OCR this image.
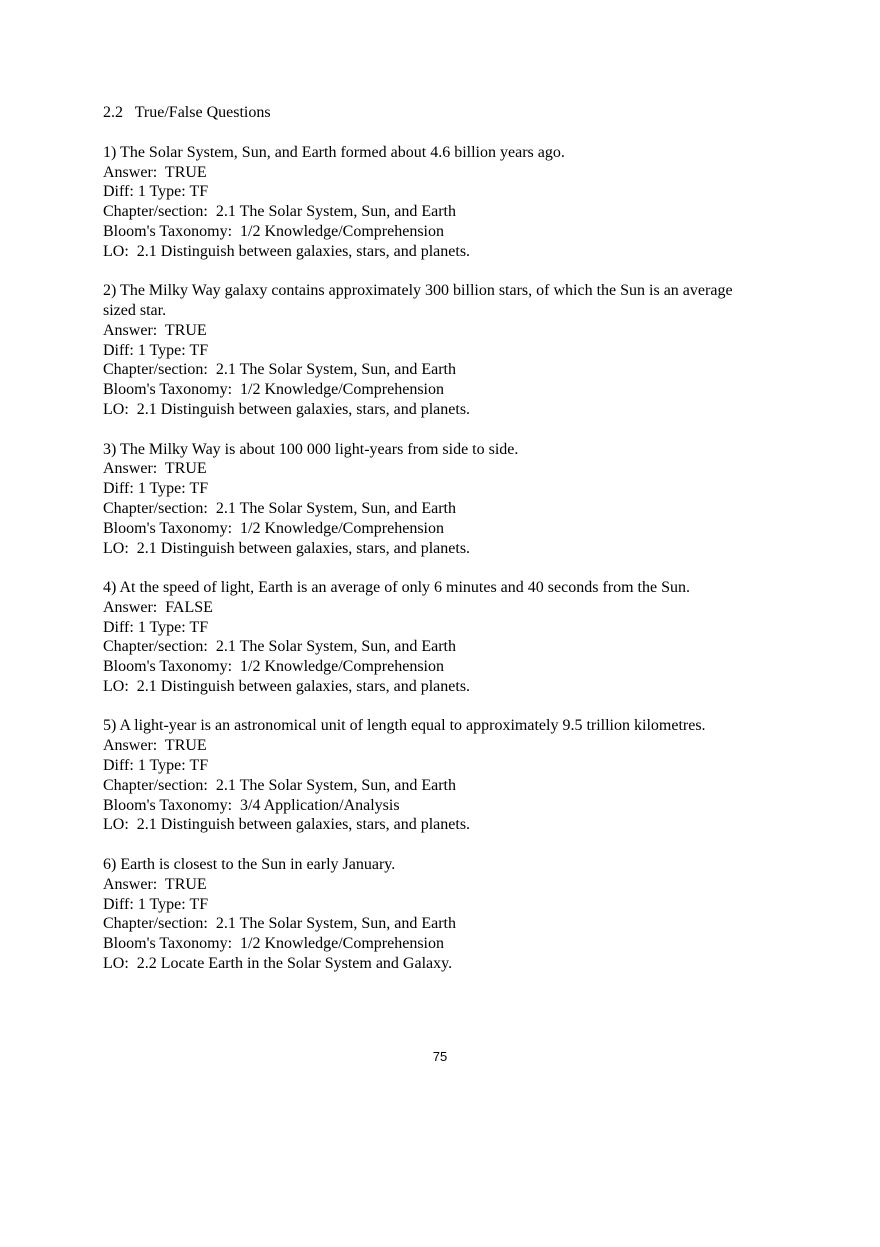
2.2   True/False Questions

1) The Solar System, Sun, and Earth formed about 4.6 billion years ago.

Answer:  TRUE

Diff: 1 Type: TF

Chapter/section:  2.1 The Solar System, Sun, and Earth

Bloom's Taxonomy:  1/2 Knowledge/Comprehension

LO:  2.1 Distinguish between galaxies, stars, and planets.

2) The Milky Way galaxy contains approximately 300 billion stars, of which the Sun is an average sized star.

Answer:  TRUE

Diff: 1 Type: TF

Chapter/section:  2.1 The Solar System, Sun, and Earth

Bloom's Taxonomy:  1/2 Knowledge/Comprehension

LO:  2.1 Distinguish between galaxies, stars, and planets.

3) The Milky Way is about 100 000 light-years from side to side.

Answer:  TRUE

Diff: 1 Type: TF

Chapter/section:  2.1 The Solar System, Sun, and Earth

Bloom's Taxonomy:  1/2 Knowledge/Comprehension

LO:  2.1 Distinguish between galaxies, stars, and planets.

4) At the speed of light, Earth is an average of only 6 minutes and 40 seconds from the Sun.

Answer:  FALSE

Diff: 1 Type: TF

Chapter/section:  2.1 The Solar System, Sun, and Earth

Bloom's Taxonomy:  1/2 Knowledge/Comprehension

LO:  2.1 Distinguish between galaxies, stars, and planets.

5) A light-year is an astronomical unit of length equal to approximately 9.5 trillion kilometres.

Answer:  TRUE

Diff: 1 Type: TF

Chapter/section:  2.1 The Solar System, Sun, and Earth

Bloom's Taxonomy:  3/4 Application/Analysis

LO:  2.1 Distinguish between galaxies, stars, and planets.

6) Earth is closest to the Sun in early January.

Answer:  TRUE

Diff: 1 Type: TF

Chapter/section:  2.1 The Solar System, Sun, and Earth

Bloom's Taxonomy:  1/2 Knowledge/Comprehension

LO:  2.2 Locate Earth in the Solar System and Galaxy.

75
